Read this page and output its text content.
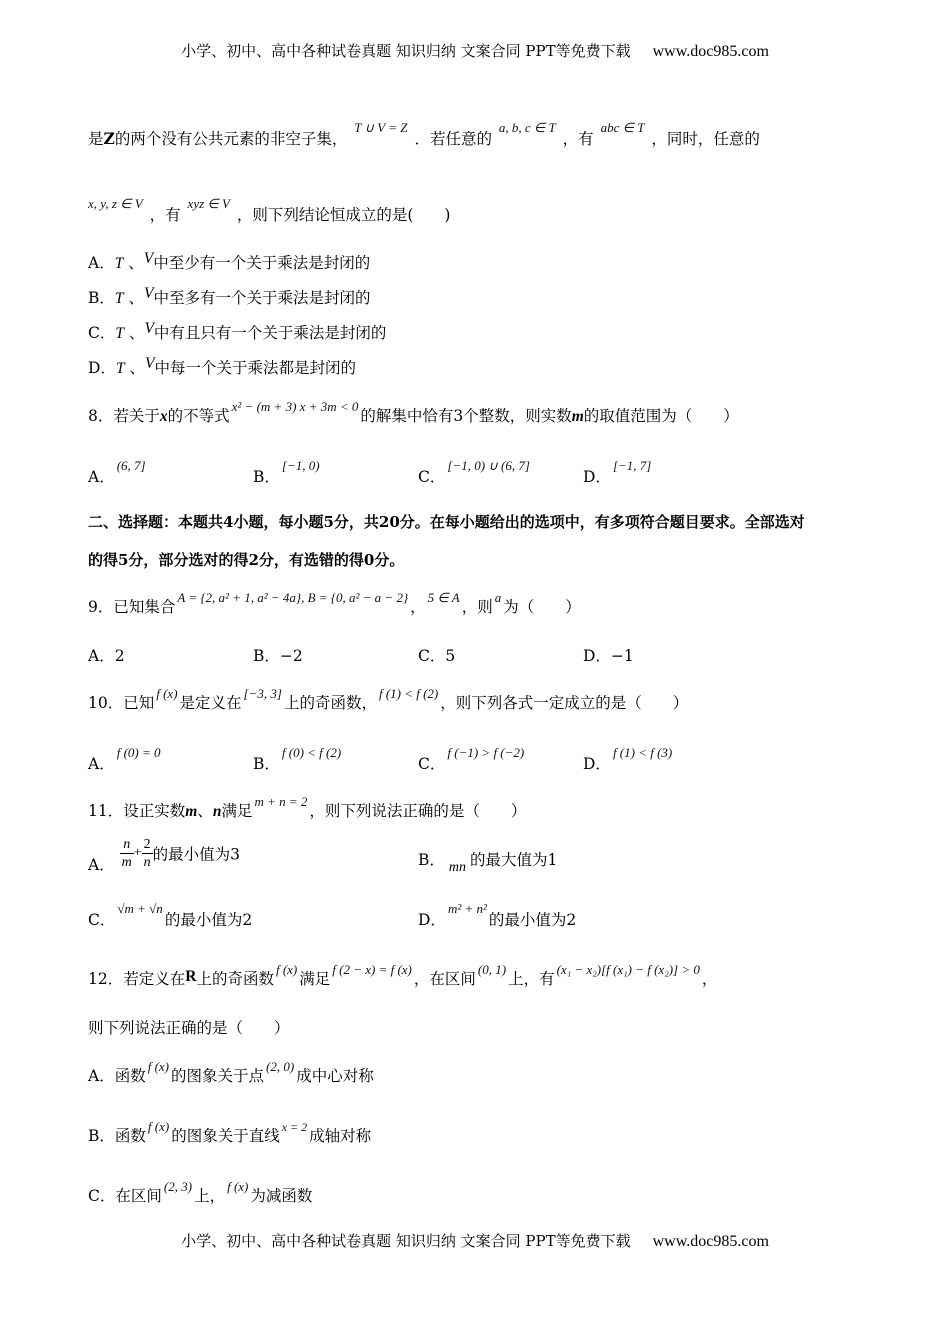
小学、初中、高中各种试卷真题 知识归纳 文案合同 PPT等免费下载 www.doc985.com
是Z的两个没有公共元素的非空子集， T ∪ V = Z ．若任意的 a, b, c ∈ T ，有 abc ∈ T ，同时，任意的
x, y, z ∈ V ，有 xyz ∈ V ，则下列结论恒成立的是(　　)
A．T 、V中至少有一个关于乘法是封闭的
B．T 、V中至多有一个关于乘法是封闭的
C．T 、V中有且只有一个关于乘法是封闭的
D．T 、V中每一个关于乘法都是封闭的
8．若关于x的不等式x² − (m + 3) x + 3m < 0的解集中恰有3个整数，则实数m的取值范围为（　　）
A．(6, 7]
B．[−1, 0)
C．[−1, 0) ∪ (6, 7]
D．[−1, 7]
二、选择题：本题共4小题，每小题5分，共20分。在每小题给出的选项中，有多项符合题目要求。全部选对
的得5分，部分选对的得2分，有选错的得0分。
9．已知集合A = {2, a² + 1, a² − 4a}, B = {0, a² − a − 2}，5 ∈ A，则a为（　　）
A．2	B．−2	C．5	D．−1
10．已知f (x)是定义在[−3, 3]上的奇函数，f (1) < f (2)，则下列各式一定成立的是（　　）
A．f (0) = 0
B．f (0) < f (2)
C．f (−1) > f (−2)
D．f (1) < f (3)
11．设正实数m、n满足m + n = 2，则下列说法正确的是（　　）
A． $\frac{n}{m} + \frac{2}{n}$ 的最小值为3	B． mn 的最大值为1
C．√m + √n的最小值为2	D．m² + n²的最小值为2
12．若定义在R上的奇函数f (x)满足f (2 − x) = f (x)，在区间(0, 1)上，有(x₁ − x₂)[f (x₁) − f (x₂)] > 0，
则下列说法正确的是（　　）
A．函数f (x)的图象关于点(2, 0)成中心对称
B．函数f (x)的图象关于直线 x = 2 成轴对称
C．在区间(2, 3)上，f (x)为减函数
小学、初中、高中各种试卷真题 知识归纳 文案合同 PPT等免费下载 www.doc985.com
